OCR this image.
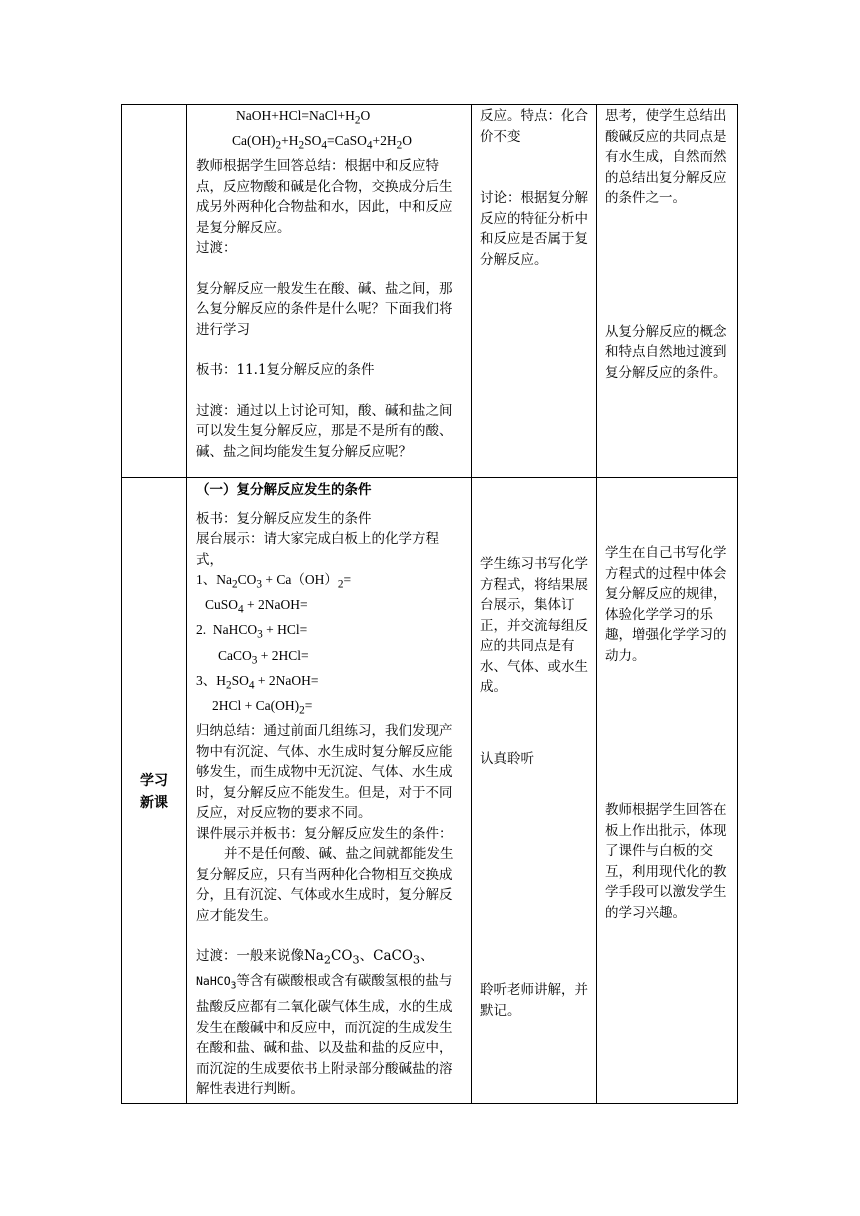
$NaOH+HCl=NaCl+H_2O$

$Ca(OH)_2+H_2SO_4=CaSO_4+2H_2O$

教师根据学生回答总结：根据中和反应特点，反应物酸和碱是化合物，交换成分后生成另外两种化合物盐和水，因此，中和反应是复分解反应。

过渡：

复分解反应一般发生在酸、碱、盐之间，那么复分解反应的条件是什么呢？下面我们将进行学习

板书：11.1复分解反应的条件

过渡：通过以上讨论可知，酸、碱和盐之间可以发生复分解反应，那是不是所有的酸、碱、盐之间均能发生复分解反应呢？

反应。特点：化合价不变

讨论：根据复分解反应的特征分析中和反应是否属于复分解反应。

思考，使学生总结出酸碱反应的共同点是有水生成，自然而然的总结出复分解反应的条件之一。

从复分解反应的概念和特点自然地过渡到复分解反应的条件。

学习新课

（一）复分解反应发生的条件

板书：复分解反应发生的条件

展台展示：请大家完成白板上的化学方程式，

1、$Na_2CO_3 + Ca(OH)_2=$

CuSO$_4$ + 2NaOH=

2.  NaHCO$_3$ + HCl=

CaCO$_3$ + 2HCl=

3、$H_2SO_4$ + 2NaOH=

$2HCl + Ca(OH)_2=$

归纳总结：通过前面几组练习，我们发现产物中有沉淀、气体、水生成时复分解反应能够发生，而生成物中无沉淀、气体、水生成时，复分解反应不能发生。但是，对于不同反应，对反应物的要求不同。

课件展示并板书：复分解反应发生的条件：

并不是任何酸、碱、盐之间就都能发生复分解反应，只有当两种化合物相互交换成分，且有沉淀、气体或水生成时，复分解反应才能发生。

过渡：一般来说像$Na_2CO_3$、CaCO$_3$、NaHCO$_3$等含有碳酸根或含有碳酸氢根的盐与盐酸反应都有二氧化碳气体生成，水的生成发生在酸碱中和反应中，而沉淀的生成发生在酸和盐、碱和盐、以及盐和盐的反应中，而沉淀的生成要依书上附录部分酸碱盐的溶解性表进行判断。

学生练习书写化学方程式，将结果展台展示，集体订正，并交流每组反应的共同点是有水、气体、或水生成。

认真聆听

聆听老师讲解，并默记。

学生在自己书写化学方程式的过程中体会复分解反应的规律，体验化学学习的乐趣，增强化学学习的动力。

教师根据学生回答在板上作出批示，体现了课件与白板的交互，利用现代化的教学手段可以激发学生的学习兴趣。
